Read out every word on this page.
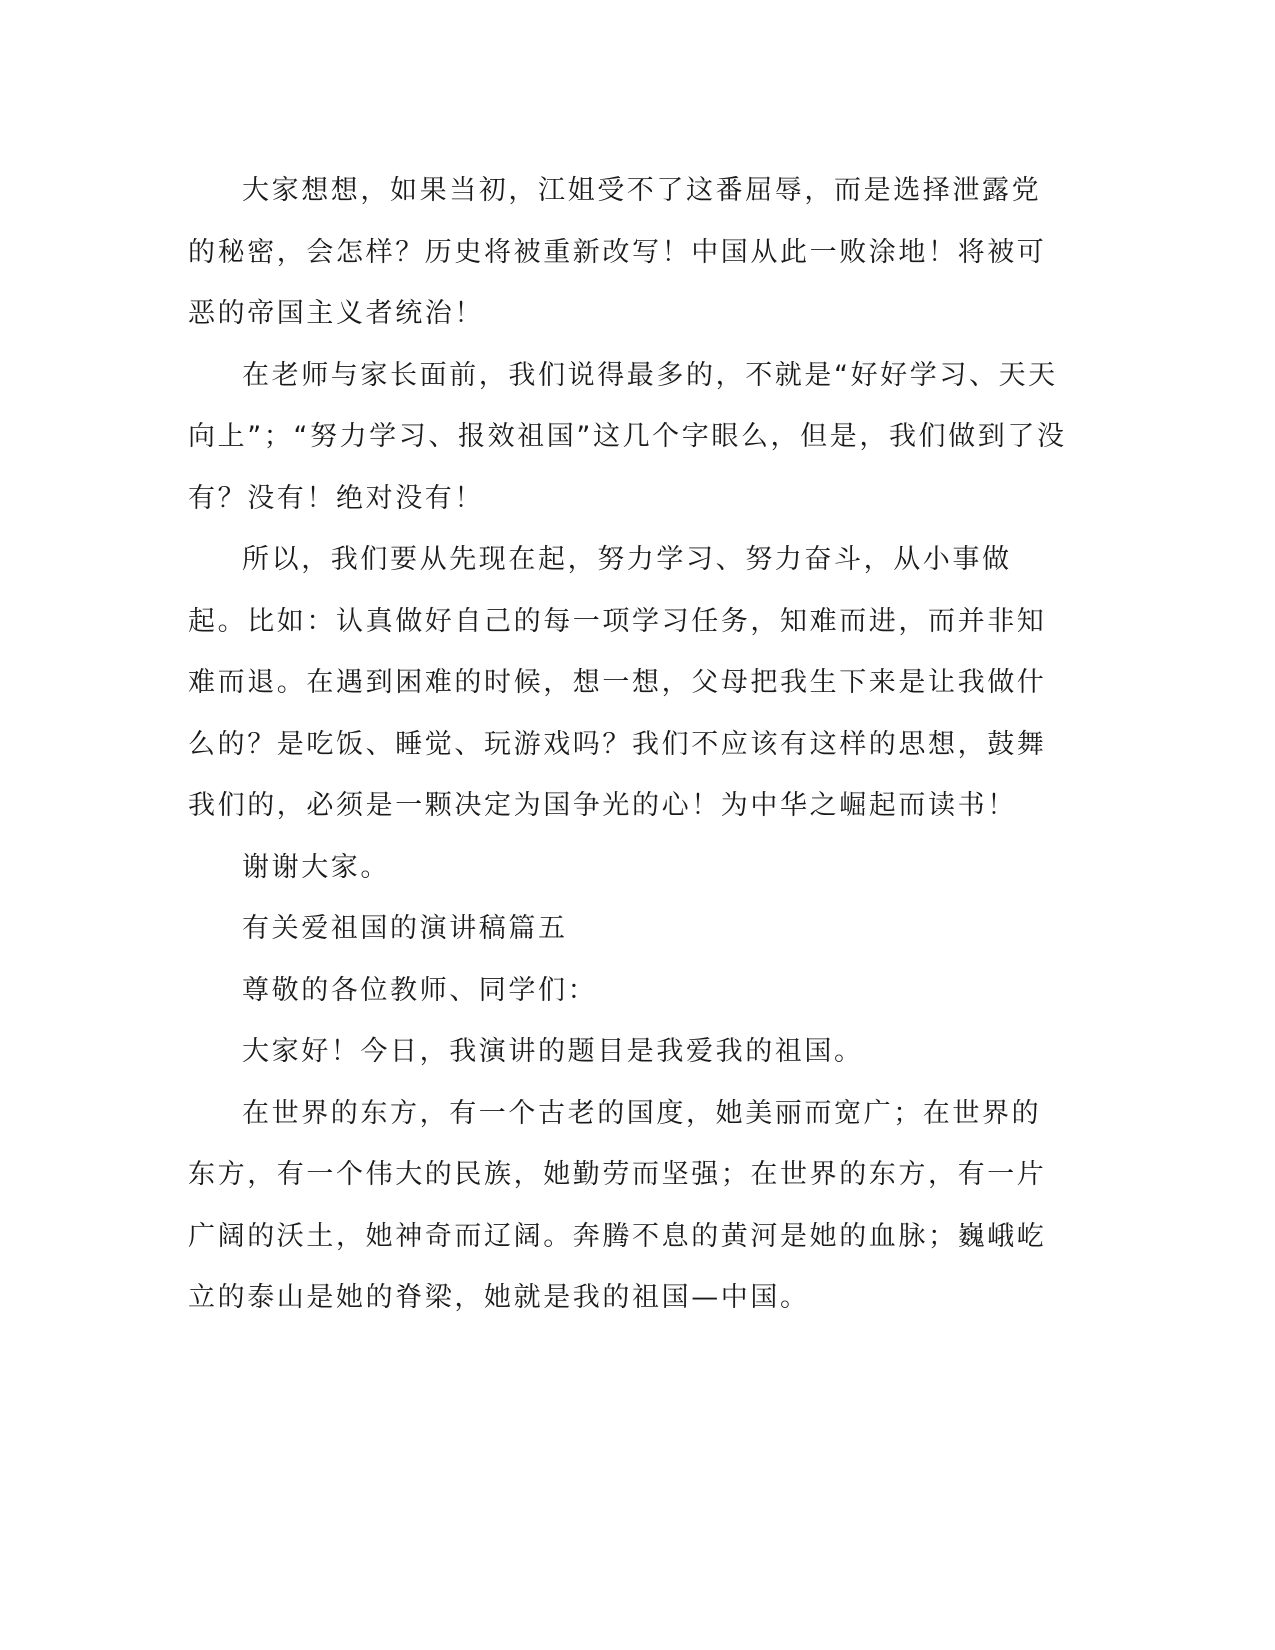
大家想想，如果当初，江姐受不了这番屈辱，而是选择泄露党的秘密，会怎样？历史将被重新改写！中国从此一败涂地！将被可恶的帝国主义者统治！

在老师与家长面前，我们说得最多的，不就是“好好学习、天天向上”；“努力学习、报效祖国”这几个字眼么，但是，我们做到了没有？没有！绝对没有！

所以，我们要从先现在起，努力学习、努力奋斗，从小事做起。比如：认真做好自己的每一项学习任务，知难而进，而并非知难而退。在遇到困难的时候，想一想，父母把我生下来是让我做什么的？是吃饭、睡觉、玩游戏吗？我们不应该有这样的思想，鼓舞我们的，必须是一颗决定为国争光的心！为中华之崛起而读书！

谢谢大家。

有关爱祖国的演讲稿篇五

尊敬的各位教师、同学们：

大家好！今日，我演讲的题目是我爱我的祖国。

在世界的东方，有一个古老的国度，她美丽而宽广；在世界的东方，有一个伟大的民族，她勤劳而坚强；在世界的东方，有一片广阔的沃土，她神奇而辽阔。奔腾不息的黄河是她的血脉；巍峨屹立的泰山是她的脊梁，她就是我的祖国—中国。
